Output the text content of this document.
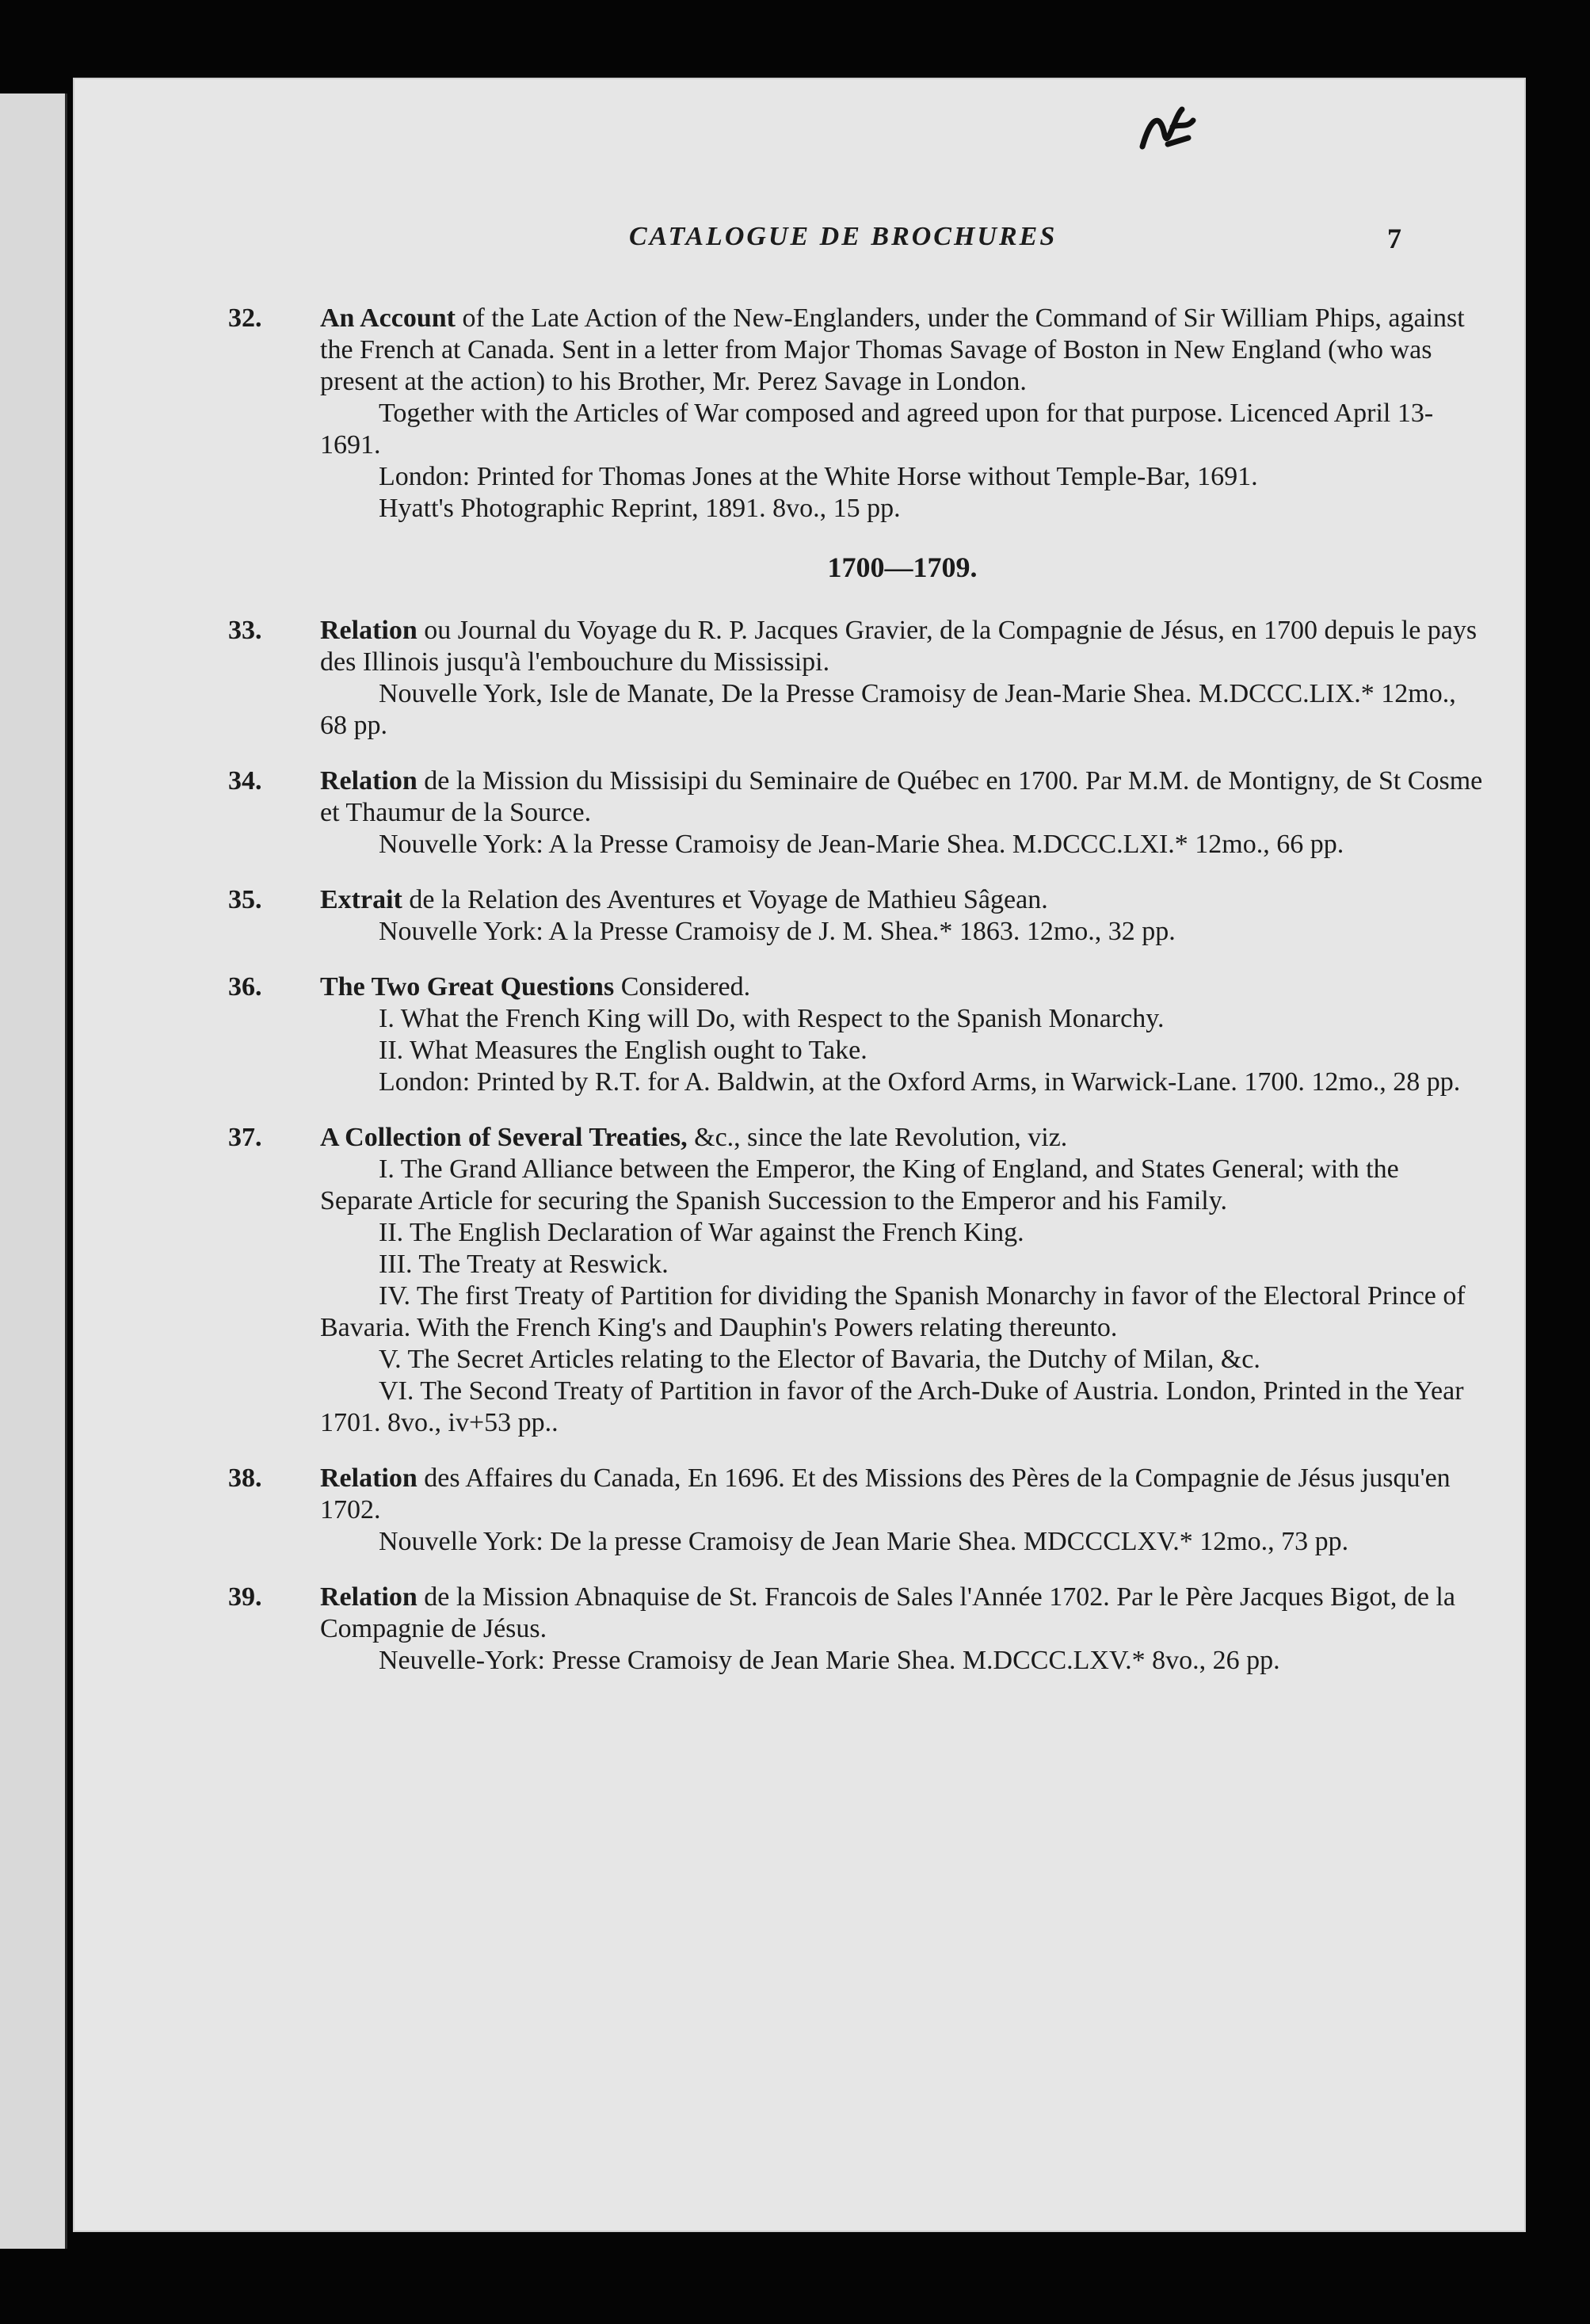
CATALOGUE DE BROCHURES	7

32. An Account of the Late Action of the New-Englanders, under the Command of Sir William Phips, against the French at Canada. Sent in a letter from Major Thomas Savage of Boston in New England (who was present at the action) to his Brother, Mr. Perez Savage in London.

Together with the Articles of War composed and agreed upon for that purpose. Licenced April 13-1691.

London: Printed for Thomas Jones at the White Horse without Temple-Bar, 1691.

Hyatt's Photographic Reprint, 1891. 8vo., 15 pp.

1700—1709.

33. Relation ou Journal du Voyage du R. P. Jacques Gravier, de la Compagnie de Jésus, en 1700 depuis le pays des Illinois jusqu'à l'embouchure du Mississipi.

Nouvelle York, Isle de Manate, De la Presse Cramoisy de Jean-Marie Shea. M.DCCC.LIX.* 12mo., 68 pp.

34. Relation de la Mission du Missisipi du Seminaire de Québec en 1700. Par M.M. de Montigny, de St Cosme et Thaumur de la Source.

Nouvelle York: A la Presse Cramoisy de Jean-Marie Shea. M.DCCC.LXI.* 12mo., 66 pp.

35. Extrait de la Relation des Aventures et Voyage de Mathieu Sâgean.

Nouvelle York: A la Presse Cramoisy de J. M. Shea.* 1863. 12mo., 32 pp.

36. The Two Great Questions Considered.

I. What the French King will Do, with Respect to the Spanish Monarchy.

II. What Measures the English ought to Take.

London: Printed by R.T. for A. Baldwin, at the Oxford Arms, in Warwick-Lane. 1700. 12mo., 28 pp.

37. A Collection of Several Treaties, &c., since the late Revolution, viz.

I. The Grand Alliance between the Emperor, the King of England, and States General; with the Separate Article for securing the Spanish Succession to the Emperor and his Family.

II. The English Declaration of War against the French King.

III. The Treaty at Reswick.

IV. The first Treaty of Partition for dividing the Spanish Monarchy in favor of the Electoral Prince of Bavaria. With the French King's and Dauphin's Powers relating thereunto.

V. The Secret Articles relating to the Elector of Bavaria, the Dutchy of Milan, &c.

VI. The Second Treaty of Partition in favor of the Arch-Duke of Austria. London, Printed in the Year 1701. 8vo., iv+53 pp..

38. Relation des Affaires du Canada, En 1696. Et des Missions des Pères de la Compagnie de Jésus jusqu'en 1702.

Nouvelle York: De la presse Cramoisy de Jean Marie Shea. MDCCCLXV.* 12mo., 73 pp.

39. Relation de la Mission Abnaquise de St. Francois de Sales l'Année 1702. Par le Père Jacques Bigot, de la Compagnie de Jésus.

Neuvelle-York: Presse Cramoisy de Jean Marie Shea. M.DCCC.LXV.* 8vo., 26 pp.
